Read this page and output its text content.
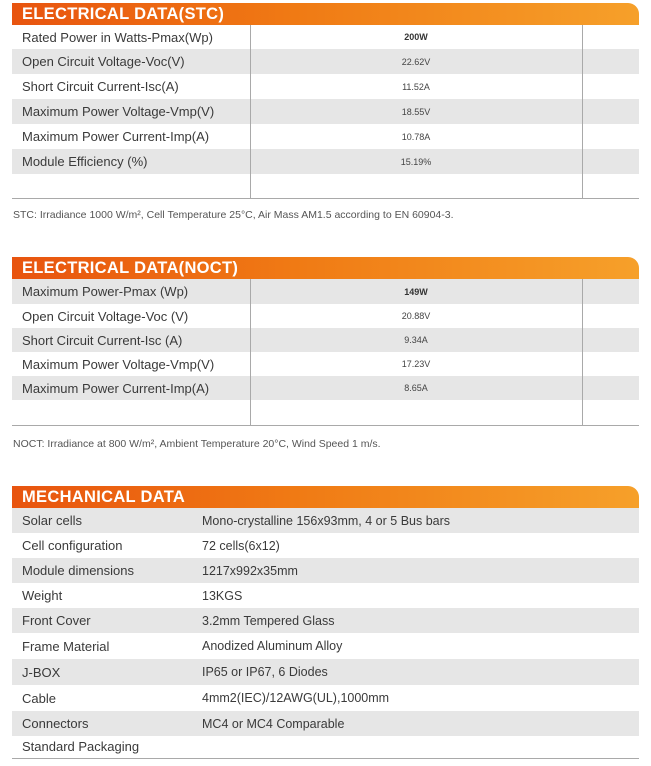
ELECTRICAL DATA(STC)
Rated Power in Watts-Pmax(Wp)	200W	
Open Circuit Voltage-Voc(V)	22.62V	
Short Circuit Current-Isc(A)	11.52A	
Maximum Power Voltage-Vmp(V)	18.55V	
Maximum Power Current-Imp(A)	10.78A	
Module Efficiency (%)	15.19%	

STC: Irradiance 1000 W/m², Cell Temperature 25°C, Air Mass AM1.5 according to EN 60904-3.
ELECTRICAL DATA(NOCT)
Maximum Power-Pmax (Wp)	149W	
Open Circuit Voltage-Voc (V)	20.88V	
Short Circuit Current-Isc (A)	9.34A	
Maximum Power Voltage-Vmp(V)	17.23V	
Maximum Power Current-Imp(A)	8.65A	

NOCT: Irradiance at 800 W/m², Ambient Temperature 20°C, Wind Speed 1 m/s.
MECHANICAL DATA
Solar cells	Mono-crystalline 156x93mm, 4 or 5 Bus bars
Cell configuration	72 cells(6x12)
Module dimensions	1217x992x35mm
Weight	13KGS
Front Cover	3.2mm Tempered Glass
Frame Material	Anodized Aluminum Alloy
J-BOX	IP65 or IP67, 6 Diodes
Cable	4mm2(IEC)/12AWG(UL),1000mm
Connectors	MC4 or MC4 Comparable
Standard Packaging	
